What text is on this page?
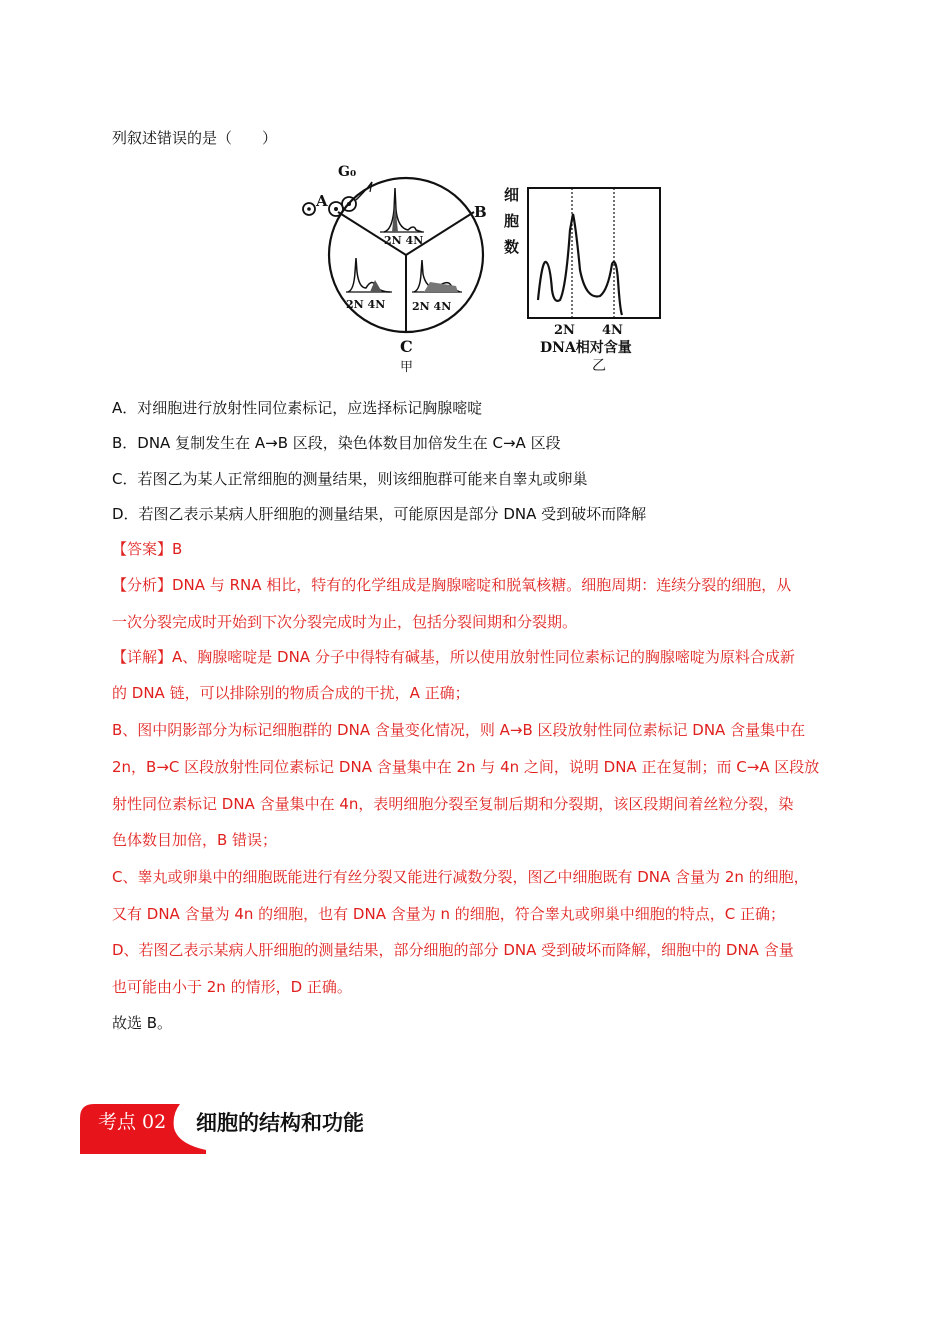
列叙述错误的是（　　）
G₀
A
B
C
甲
2N 4N
2N 4N 2N 4N
细胞数
2N 4N
DNA相对含量
乙
A．对细胞进行放射性同位素标记，应选择标记胸腺嘧啶
B．DNA 复制发生在 A→B 区段，染色体数目加倍发生在 C→A 区段
C．若图乙为某人正常细胞的测量结果，则该细胞群可能来自睾丸或卵巢
D．若图乙表示某病人肝细胞的测量结果，可能原因是部分 DNA 受到破坏而降解
【答案】B
【分析】DNA 与 RNA 相比，特有的化学组成是胸腺嘧啶和脱氧核糖。细胞周期：连续分裂的细胞，从
一次分裂完成时开始到下次分裂完成时为止，包括分裂间期和分裂期。
【详解】A、胸腺嘧啶是 DNA 分子中得特有碱基，所以使用放射性同位素标记的胸腺嘧啶为原料合成新
的 DNA 链，可以排除别的物质合成的干扰，A 正确；
B、图中阴影部分为标记细胞群的 DNA 含量变化情况，则 A→B 区段放射性同位素标记 DNA 含量集中在
2n，B→C 区段放射性同位素标记 DNA 含量集中在 2n 与 4n 之间，说明 DNA 正在复制；而 C→A 区段放
射性同位素标记 DNA 含量集中在 4n，表明细胞分裂至复制后期和分裂期，该区段期间着丝粒分裂，染
色体数目加倍，B 错误；
C、睾丸或卵巢中的细胞既能进行有丝分裂又能进行减数分裂，图乙中细胞既有 DNA 含量为 2n 的细胞，
又有 DNA 含量为 4n 的细胞，也有 DNA 含量为 n 的细胞，符合睾丸或卵巢中细胞的特点，C 正确；
D、若图乙表示某病人肝细胞的测量结果，部分细胞的部分 DNA 受到破坏而降解，细胞中的 DNA 含量
也可能由小于 2n 的情形，D 正确。
故选 B。
考点 02 细胞的结构和功能
